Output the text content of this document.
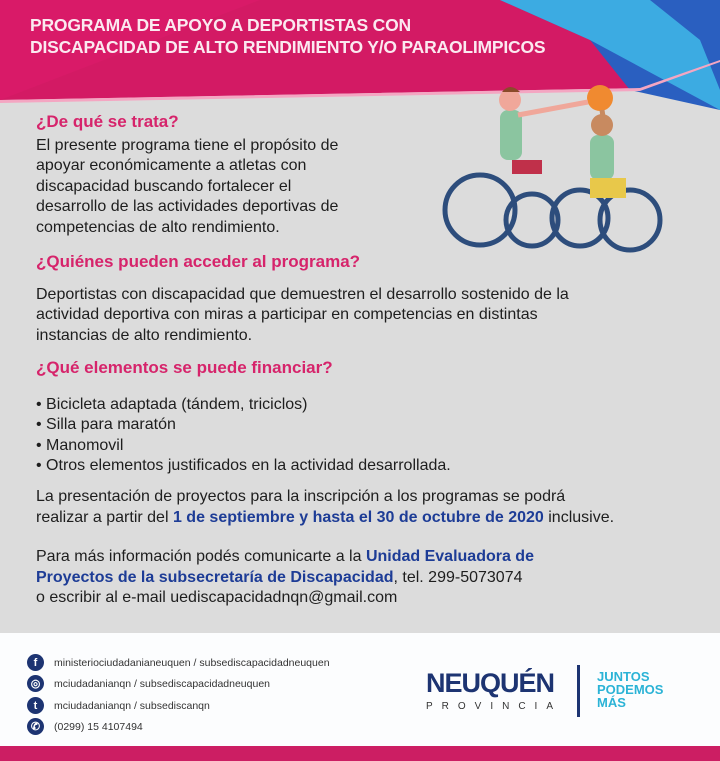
PROGRAMA DE APOYO A DEPORTISTAS CON
DISCAPACIDAD DE ALTO RENDIMIENTO Y/O PARAOLIMPICOS
¿De qué se trata?
El presente programa tiene el propósito de
apoyar económicamente a atletas con
discapacidad buscando fortalecer el
desarrollo de las actividades deportivas de
competencias de alto rendimiento.
¿Quiénes pueden acceder al programa?
Deportistas con discapacidad que demuestren el desarrollo sostenido de la
actividad deportiva con miras a participar en competencias en distintas
instancias de alto rendimiento.
¿Qué elementos se puede financiar?
• Bicicleta adaptada (tándem, triciclos)
• Silla para maratón
• Manomovil
• Otros elementos justificados en la actividad desarrollada.
La presentación de proyectos para la inscripción a los programas se podrá
realizar a partir del 1 de septiembre y hasta el 30 de octubre de 2020 inclusive.
Para más información podés comunicarte a la Unidad Evaluadora de
Proyectos de la subsecretaría de Discapacidad, tel. 299-5073074
o escribir al e-mail uediscapacidadnqn@gmail.com
f	ministeriociudadanianeuquen / subsediscapacidadneuquen
◎	mciudadanianqn / subsediscapacidadneuquen
t	mciudadanianqn / subsediscanqn
✆	(0299) 15 4107494
NEUQUÉN
PROVINCIA
JUNTOS
PODEMOS
MÁS
